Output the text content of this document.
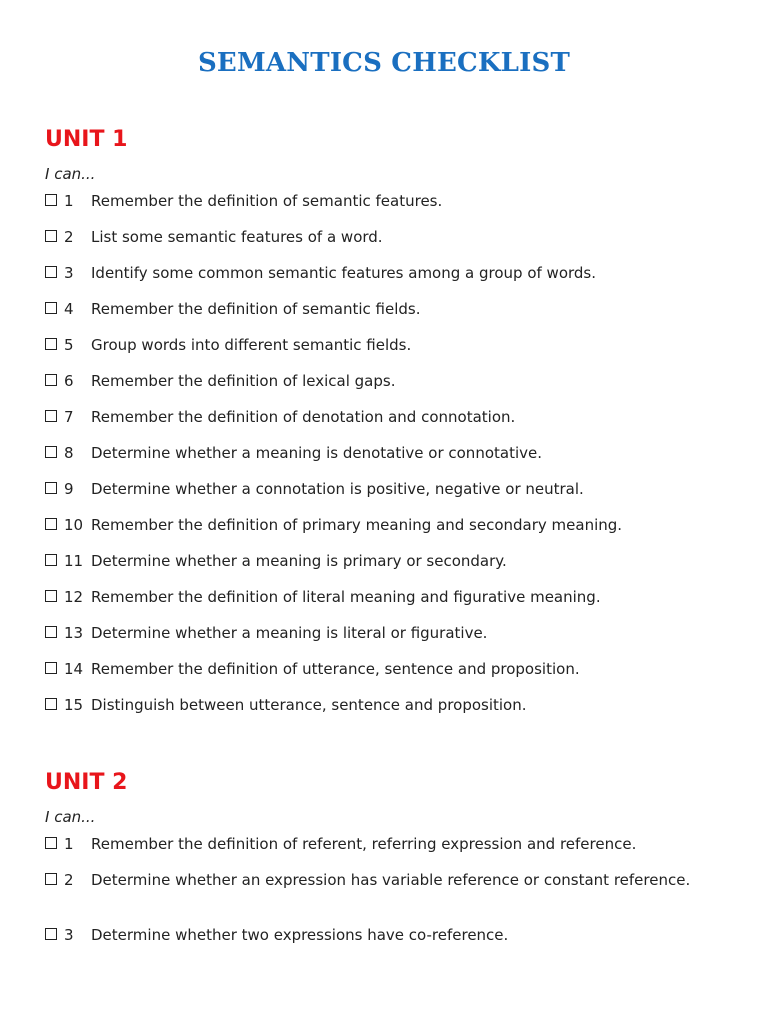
SEMANTICS CHECKLIST
UNIT 1
I can...
1 Remember the definition of semantic features.
2 List some semantic features of a word.
3 Identify some common semantic features among a group of words.
4 Remember the definition of semantic fields.
5 Group words into different semantic fields.
6 Remember the definition of lexical gaps.
7 Remember the definition of denotation and connotation.
8 Determine whether a meaning is denotative or connotative.
9 Determine whether a connotation is positive, negative or neutral.
10 Remember the definition of primary meaning and secondary meaning.
11 Determine whether a meaning is primary or secondary.
12 Remember the definition of literal meaning and figurative meaning.
13 Determine whether a meaning is literal or figurative.
14 Remember the definition of utterance, sentence and proposition.
15 Distinguish between utterance, sentence and proposition.
UNIT 2
I can...
1 Remember the definition of referent, referring expression and reference.
2 Determine whether an expression has variable reference or constant reference.
3 Determine whether two expressions have co-reference.
